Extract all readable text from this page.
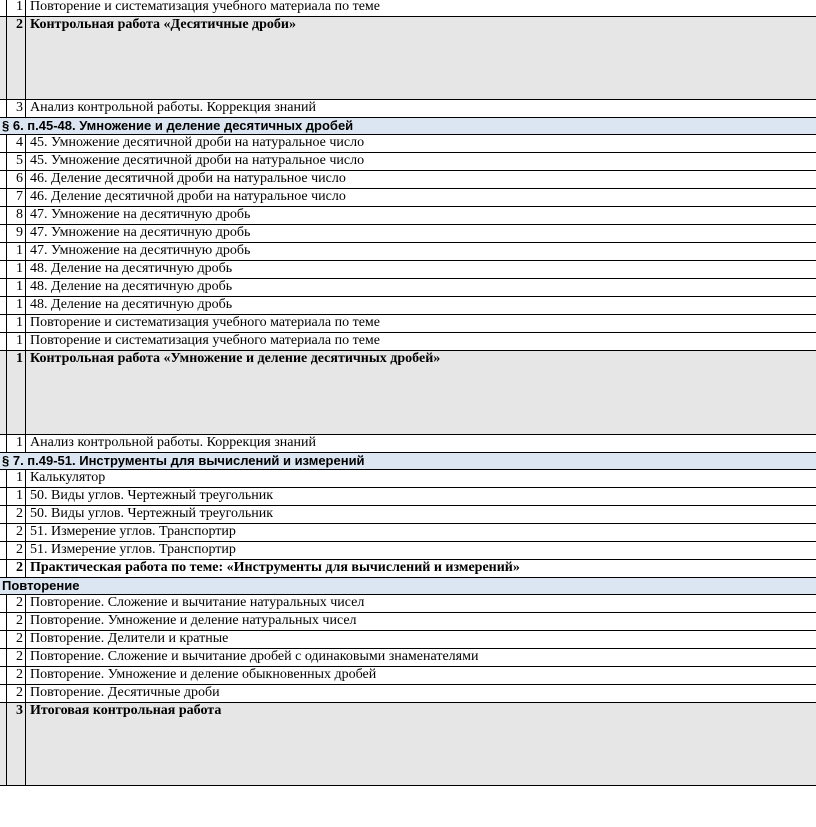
	1	Повторение и систематизация учебного материала по теме
	2	Контрольная работа «Десятичные дроби»
	3	Анализ контрольной работы. Коррекция знаний
§ 6. п.45-48. Умножение и деление десятичных дробей		
	4	45. Умножение десятичной дроби на натуральное число
	5	45. Умножение десятичной дроби на натуральное число
	6	46. Деление десятичной дроби на натуральное число
	7	46. Деление десятичной дроби на натуральное число
	8	47. Умножение на десятичную дробь
	9	47. Умножение на десятичную дробь
	1	47. Умножение на десятичную дробь
	1	48. Деление на десятичную дробь
	1	48. Деление на десятичную дробь
	1	48. Деление на десятичную дробь
	1	Повторение и систематизация учебного материала по теме
	1	Повторение и систематизация учебного материала по теме
	1	Контрольная работа «Умножение и деление десятичных дробей»
	1	Анализ контрольной работы. Коррекция знаний
§ 7. п.49-51. Инструменты для вычислений и измерений		
	1	Калькулятор
	1	50. Виды углов. Чертежный треугольник
	2	50. Виды углов. Чертежный треугольник
	2	51. Измерение углов. Транспортир
	2	51. Измерение углов. Транспортир
	2	Практическая работа по теме: «Инструменты для вычислений и измерений»
Повторение		
	2	Повторение. Сложение и вычитание натуральных чисел
	2	Повторение. Умножение и деление натуральных чисел
	2	Повторение. Делители и кратные
	2	Повторение. Сложение и вычитание дробей с одинаковыми знаменателями
	2	Повторение. Умножение и деление обыкновенных дробей
	2	Повторение. Десятичные дроби
	3	Итоговая контрольная работа
